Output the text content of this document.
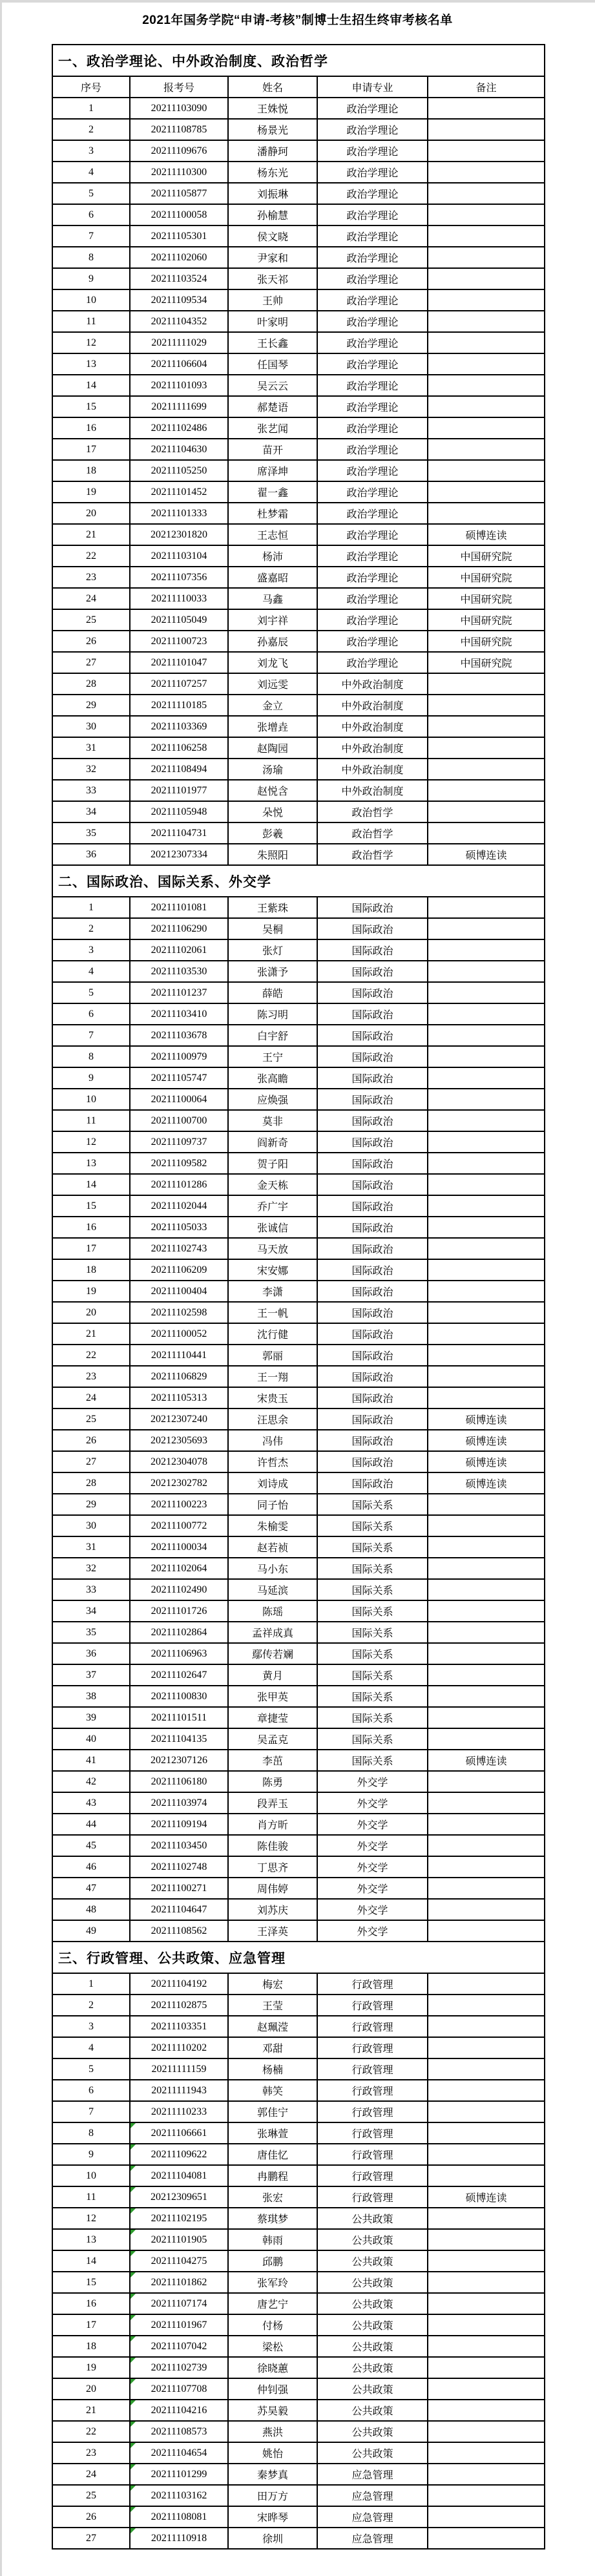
2021年国务学院“申请-考核”制博士生招生终审考核名单
一、政治学理论、中外政治制度、政治哲学				
序号	报考号	姓名	申请专业	备注
1	20211103090	王姝悦	政治学理论	
2	20211108785	杨景光	政治学理论	
3	20211109676	潘静珂	政治学理论	
4	20211110300	杨东光	政治学理论	
5	20211105877	刘振琳	政治学理论	
6	20211100058	孙榆慧	政治学理论	
7	20211105301	侯文晓	政治学理论	
8	20211102060	尹家和	政治学理论	
9	20211103524	张天祁	政治学理论	
10	20211109534	王帅	政治学理论	
11	20211104352	叶家明	政治学理论	
12	20211111029	王长鑫	政治学理论	
13	20211106604	任国琴	政治学理论	
14	20211101093	吴云云	政治学理论	
15	20211111699	郝楚语	政治学理论	
16	20211102486	张艺闻	政治学理论	
17	20211104630	苗开	政治学理论	
18	20211105250	席泽坤	政治学理论	
19	20211101452	翟一鑫	政治学理论	
20	20211101333	杜梦霜	政治学理论	
21	20212301820	王志恒	政治学理论	硕博连读
22	20211103104	杨沛	政治学理论	中国研究院
23	20211107356	盛嘉昭	政治学理论	中国研究院
24	20211110033	马鑫	政治学理论	中国研究院
25	20211105049	刘宇祥	政治学理论	中国研究院
26	20211100723	孙嘉辰	政治学理论	中国研究院
27	20211101047	刘龙飞	政治学理论	中国研究院
28	20211107257	刘远雯	中外政治制度	
29	20211110185	金立	中外政治制度	
30	20211103369	张增垚	中外政治制度	
31	20211106258	赵陶园	中外政治制度	
32	20211108494	汤瑜	中外政治制度	
33	20211101977	赵悦含	中外政治制度	
34	20211105948	朵悦	政治哲学	
35	20211104731	彭羲	政治哲学	
36	20212307334	朱照阳	政治哲学	硕博连读
二、国际政治、国际关系、外交学				
1	20211101081	王紫珠	国际政治	
2	20211106290	吴桐	国际政治	
3	20211102061	张灯	国际政治	
4	20211103530	张潇予	国际政治	
5	20211101237	薛皓	国际政治	
6	20211103410	陈习明	国际政治	
7	20211103678	白宇舒	国际政治	
8	20211100979	王宁	国际政治	
9	20211105747	张高瞻	国际政治	
10	20211100064	应焕强	国际政治	
11	20211100700	莫非	国际政治	
12	20211109737	阎新奇	国际政治	
13	20211109582	贺子阳	国际政治	
14	20211101286	金天栋	国际政治	
15	20211102044	乔广宇	国际政治	
16	20211105033	张诚信	国际政治	
17	20211102743	马天放	国际政治	
18	20211106209	宋安娜	国际政治	
19	20211100404	李潇	国际政治	
20	20211102598	王一帆	国际政治	
21	20211100052	沈行健	国际政治	
22	20211110441	郭丽	国际政治	
23	20211106829	王一翔	国际政治	
24	20211105313	宋贵玉	国际政治	
25	20212307240	汪思余	国际政治	硕博连读
26	20212305693	冯伟	国际政治	硕博连读
27	20212304078	许哲杰	国际政治	硕博连读
28	20212302782	刘诗成	国际政治	硕博连读
29	20211100223	同子怡	国际关系	
30	20211100772	朱榆雯	国际关系	
31	20211100034	赵若祯	国际关系	
32	20211102064	马小东	国际关系	
33	20211102490	马延滨	国际关系	
34	20211101726	陈瑶	国际关系	
35	20211102864	孟祥成真	国际关系	
36	20211106963	鄢传若斓	国际关系	
37	20211102647	黄月	国际关系	
38	20211100830	张甲英	国际关系	
39	20211101511	章捷莹	国际关系	
40	20211104135	吴孟克	国际关系	
41	20212307126	李茁	国际关系	硕博连读
42	20211106180	陈勇	外交学	
43	20211103974	段弄玉	外交学	
44	20211109194	肖方昕	外交学	
45	20211103450	陈佳骏	外交学	
46	20211102748	丁思齐	外交学	
47	20211100271	周伟婷	外交学	
48	20211104647	刘苏庆	外交学	
49	20211108562	王泽英	外交学	
三、行政管理、公共政策、应急管理				
1	20211104192	梅宏	行政管理	
2	20211102875	王莹	行政管理	
3	20211103351	赵珮滢	行政管理	
4	20211110202	邓甜	行政管理	
5	20211111159	杨楠	行政管理	
6	20211111943	韩笑	行政管理	
7	20211110233	郭佳宁	行政管理	
8	20211106661	张琳萱	行政管理	
9	20211109622	唐佳忆	行政管理	
10	20211104081	冉鹏程	行政管理	
11	20212309651	张宏	行政管理	硕博连读
12	20211102195	蔡琪梦	公共政策	
13	20211101905	韩雨	公共政策	
14	20211104275	邱鹏	公共政策	
15	20211101862	张军玲	公共政策	
16	20211107174	唐艺宁	公共政策	
17	20211101967	付杨	公共政策	
18	20211107042	梁松	公共政策	
19	20211102739	徐晓蕙	公共政策	
20	20211107708	仲钊强	公共政策	
21	20211104216	苏昊毅	公共政策	
22	20211108573	燕洪	公共政策	
23	20211104654	姚怡	公共政策	
24	20211101299	秦梦真	应急管理	
25	20211103162	田万方	应急管理	
26	20211108081	宋晔琴	应急管理	
27	20211110918	徐圳	应急管理	
